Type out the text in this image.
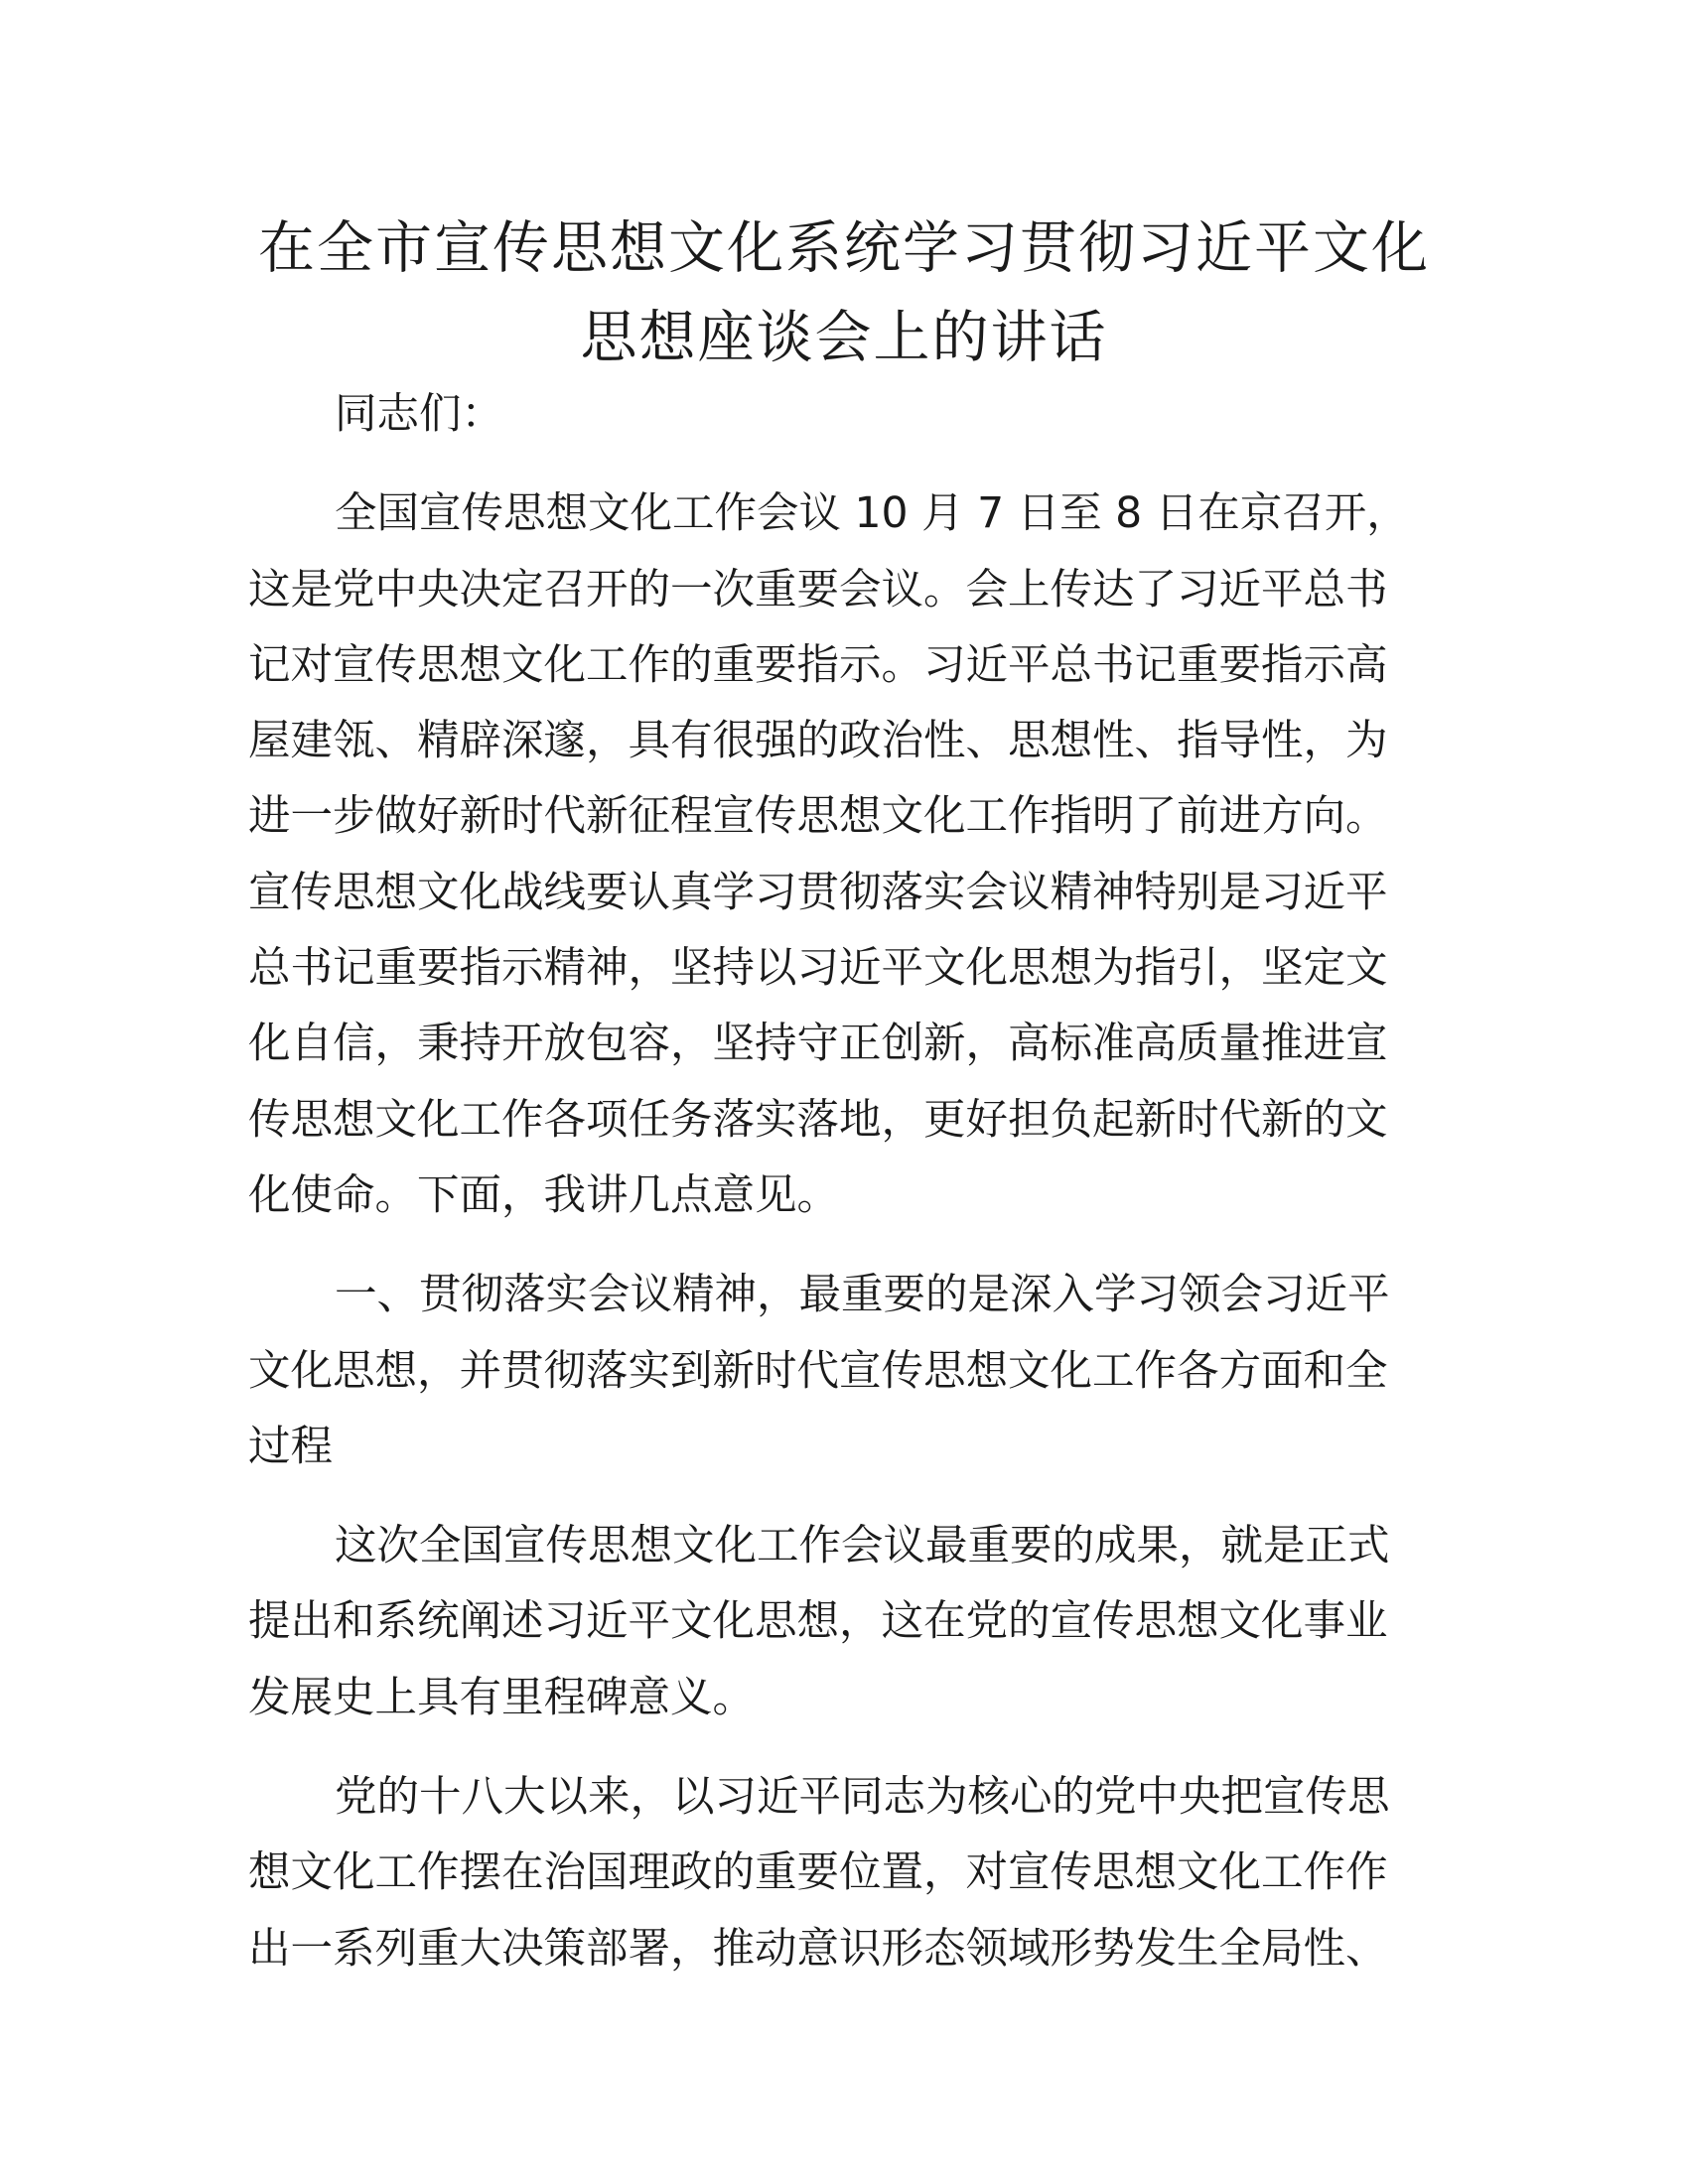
在全市宣传思想文化系统学习贯彻习近平文化
思想座谈会上的讲话

同志们：

全国宣传思想文化工作会议 10 月 7 日至 8 日在京召开，
这是党中央决定召开的一次重要会议。会上传达了习近平总书
记对宣传思想文化工作的重要指示。习近平总书记重要指示高
屋建瓴、精辟深邃，具有很强的政治性、思想性、指导性，为
进一步做好新时代新征程宣传思想文化工作指明了前进方向。
宣传思想文化战线要认真学习贯彻落实会议精神特别是习近平
总书记重要指示精神，坚持以习近平文化思想为指引，坚定文
化自信，秉持开放包容，坚持守正创新，高标准高质量推进宣
传思想文化工作各项任务落实落地，更好担负起新时代新的文
化使命。下面，我讲几点意见。

一、贯彻落实会议精神，最重要的是深入学习领会习近平
文化思想，并贯彻落实到新时代宣传思想文化工作各方面和全
过程

这次全国宣传思想文化工作会议最重要的成果，就是正式
提出和系统阐述习近平文化思想，这在党的宣传思想文化事业
发展史上具有里程碑意义。

党的十八大以来，以习近平同志为核心的党中央把宣传思
想文化工作摆在治国理政的重要位置，对宣传思想文化工作作
出一系列重大决策部署，推动意识形态领域形势发生全局性、
